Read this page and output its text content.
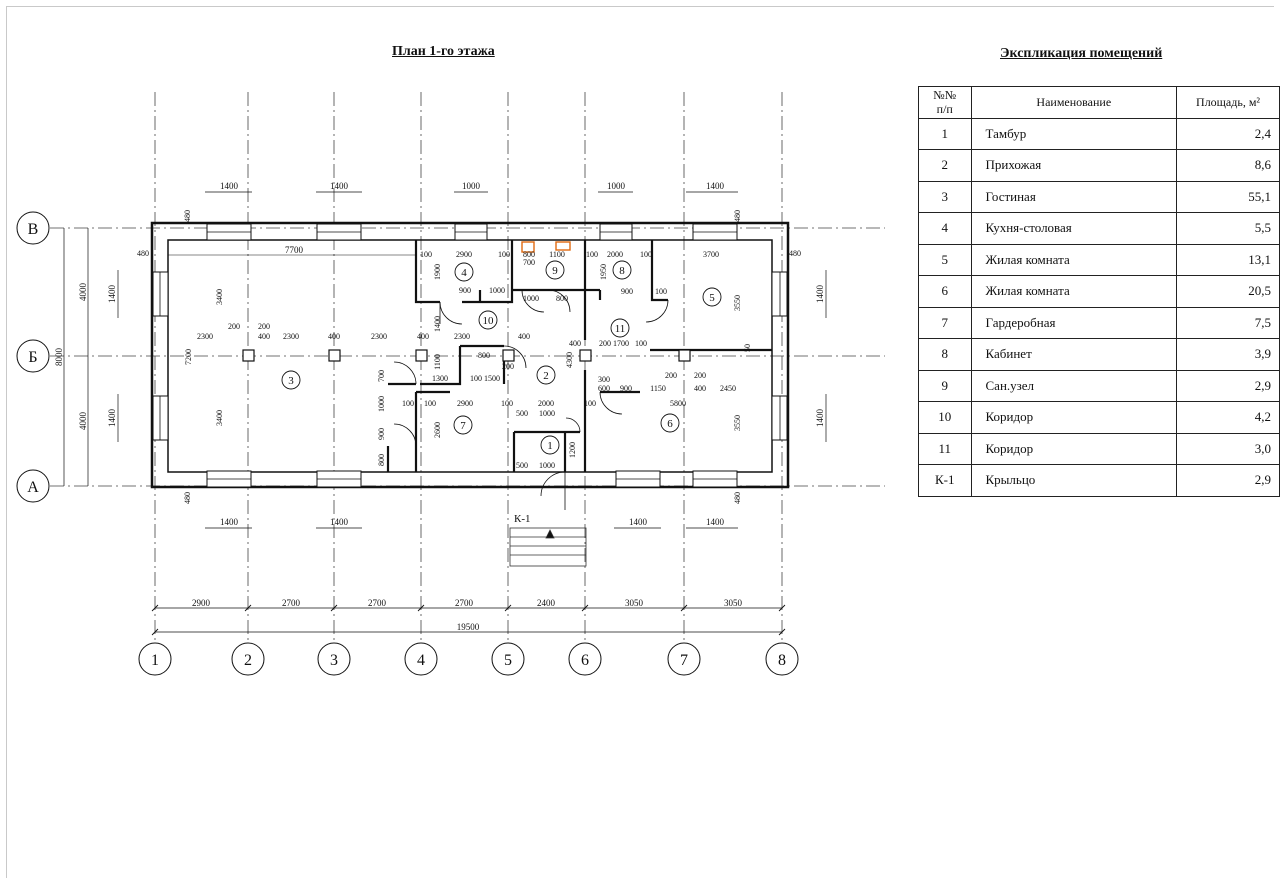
План 1-го этажа	Экспликация помещений
К-1
1
2
3
4
5
6
7
8
9
10
11
2900	2700	2700	2700	2400	3050	3050
19500
1400	1400	1000	1000	1400
1400	1400	1400	1400
8000
4000
4000
1400
1400
1400
1400
480	480
480	480
480	480
7700	100	2900	100 800
700
1100	100 2000 100	3700
900 1000
1000 800
900	100
2300
200 200
400 2300	400	2300	400	2300	400
800
200
100 1500
1300
100 100	2900	100
500
2000
1000
100	5800
500 1000
400 200 1700 100
300
600 900 1150
200 200
400 2450
7200
3400
3400
3550
3550
1900	1950
2600
4300
700
1000
900
800
1400
1100
1200
50
1	2	3	4	5	6	7	8
В
Б
А
№№ п/п	Наименование	Площадь, м²
1	Тамбур	2,4
2	Прихожая	8,6
3	Гостиная	55,1
4	Кухня-столовая	5,5
5	Жилая комната	13,1
6	Жилая комната	20,5
7	Гардеробная	7,5
8	Кабинет	3,9
9	Сан.узел	2,9
10	Коридор	4,2
11	Коридор	3,0
К-1	Крыльцо	2,9
